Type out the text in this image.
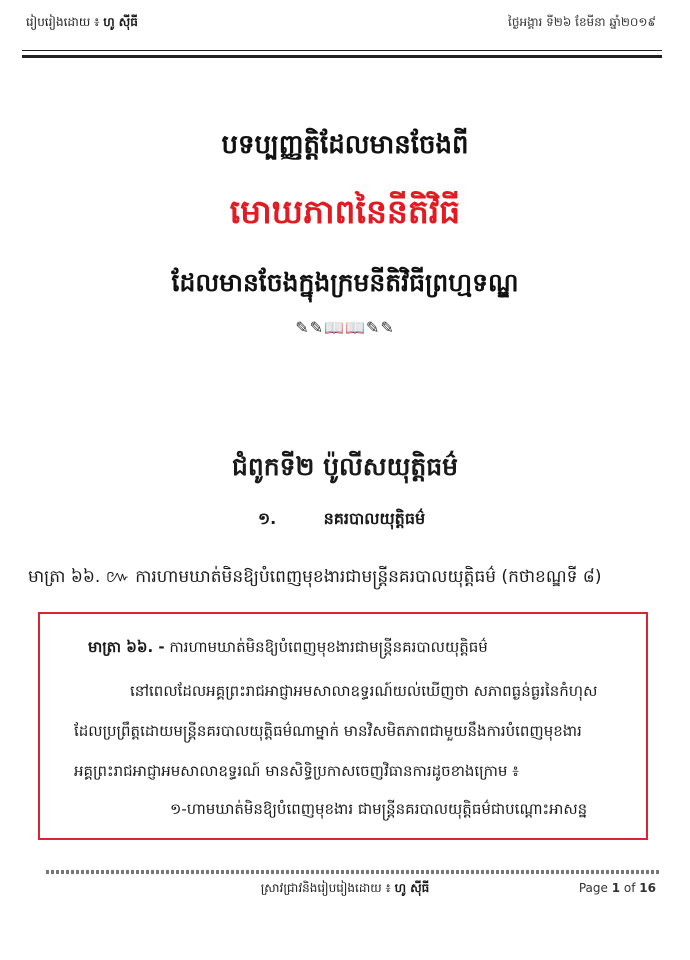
រៀបរៀងដោយ ៖ ហូ ស៊ីធី	ថ្ងៃអង្គារ ទី២៦ ខែមីនា ឆ្នាំ២០១៩
បទប្បញ្ញត្តិដែលមានចែងពី
មោឃភាពនៃនីតិវិធី
ដែលមានចែងក្នុងក្រមនីតិវិធីព្រហ្មទណ្ឌ
✎✎📖📖✎✎
ជំពូកទី២ ប៉ូលីសយុត្តិធម៌
១.	នគរបាលយុត្តិធម៌
មាត្រា ៦៦. ៚ ការហាមឃាត់មិនឱ្យបំពេញមុខងារជាមន្ត្រីនគរបាលយុត្តិធម៌ (កថាខណ្ឌទី ៨)
មាត្រា ៦៦. - ការហាមឃាត់មិនឱ្យបំពេញមុខងារជាមន្ត្រីនគរបាលយុត្តិធម៌
នៅពេលដែលអគ្គព្រះរាជអាជ្ញាអមសាលាឧទ្ធរណ៍យល់ឃើញថា សភាពធ្ងន់ធ្ងរនៃកំហុស
ដែលប្រព្រឹត្តដោយមន្ត្រីនគរបាលយុត្តិធម៌ណាម្នាក់ មានវិសមិតភាពជាមួយនឹងការបំពេញមុខងារ
អគ្គព្រះរាជអាជ្ញាអមសាលាឧទ្ធរណ៍ មានសិទ្ធិប្រកាសចេញវិធានការដូចខាងក្រោម ៖
១-ហាមឃាត់មិនឱ្យបំពេញមុខងារ ជាមន្ត្រីនគរបាលយុត្តិធម៌ជាបណ្តោះអាសន្ន
ស្រាវជ្រាវនិងរៀបរៀងដោយ ៖ ហូ ស៊ីធី	Page 1 of 16
